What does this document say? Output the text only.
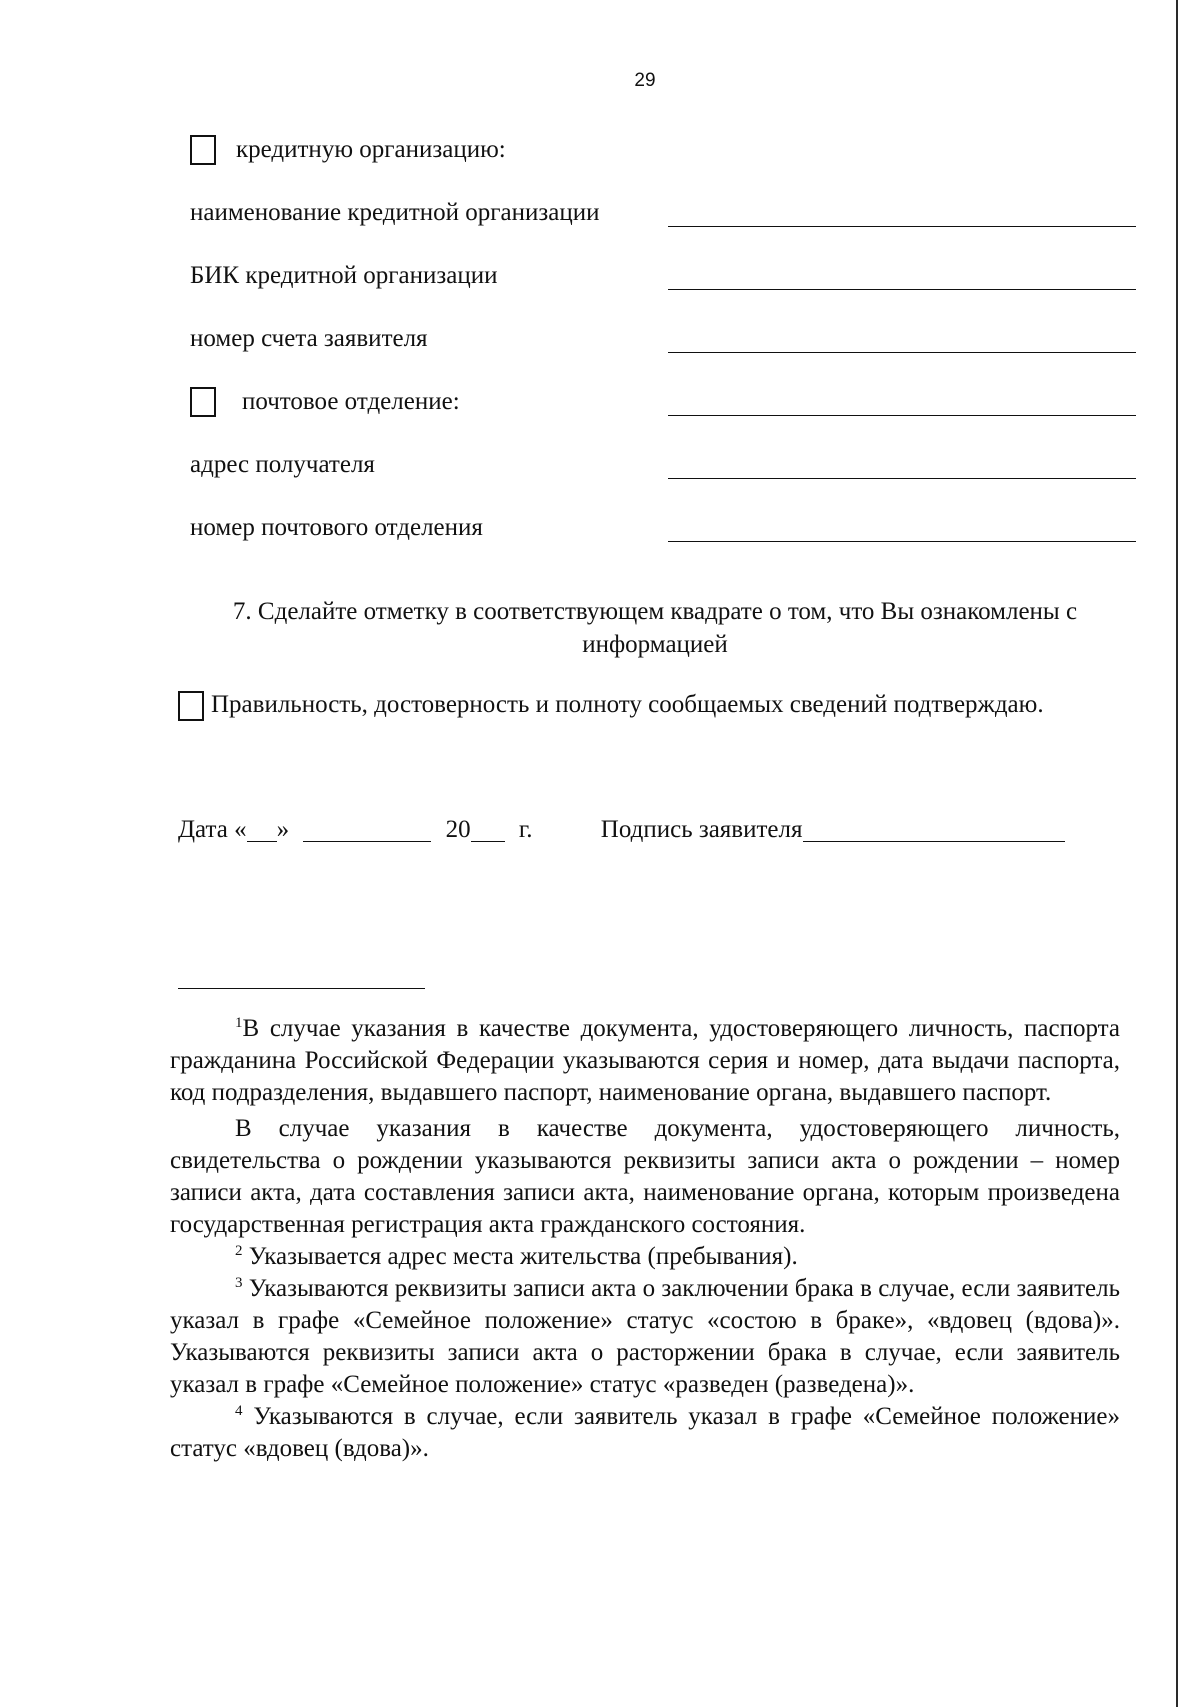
29
кредитную организацию:
наименование кредитной организации
БИК кредитной организации
номер счета заявителя
почтовое отделение:
адрес получателя
номер почтового отделения
7. Сделайте отметку в соответствующем квадрате о том, что Вы ознакомлены с информацией
Правильность, достоверность и полноту сообщаемых сведений подтверждаю.
Дата « »	20 г.	Подпись заявителя

$^1$В случае указания в качестве документа, удостоверяющего личность, паспорта гражданина Российской Федерации указываются серия и номер, дата выдачи паспорта, код подразделения, выдавшего паспорт, наименование органа, выдавшего паспорт.

В случае указания в качестве документа, удостоверяющего личность, свидетельства о рождении указываются реквизиты записи акта о рождении – номер записи акта, дата составления записи акта, наименование органа, которым произведена государственная регистрация акта гражданского состояния.

$^2$ Указывается адрес места жительства (пребывания).

$^3$ Указываются реквизиты записи акта о заключении брака в случае, если заявитель указал в графе «Семейное положение» статус «состою в браке», «вдовец (вдова)». Указываются реквизиты записи акта о расторжении брака в случае, если заявитель указал в графе «Семейное положение» статус «разведен (разведена)».

$^4$ Указываются в случае, если заявитель указал в графе «Семейное положение» статус «вдовец (вдова)».
